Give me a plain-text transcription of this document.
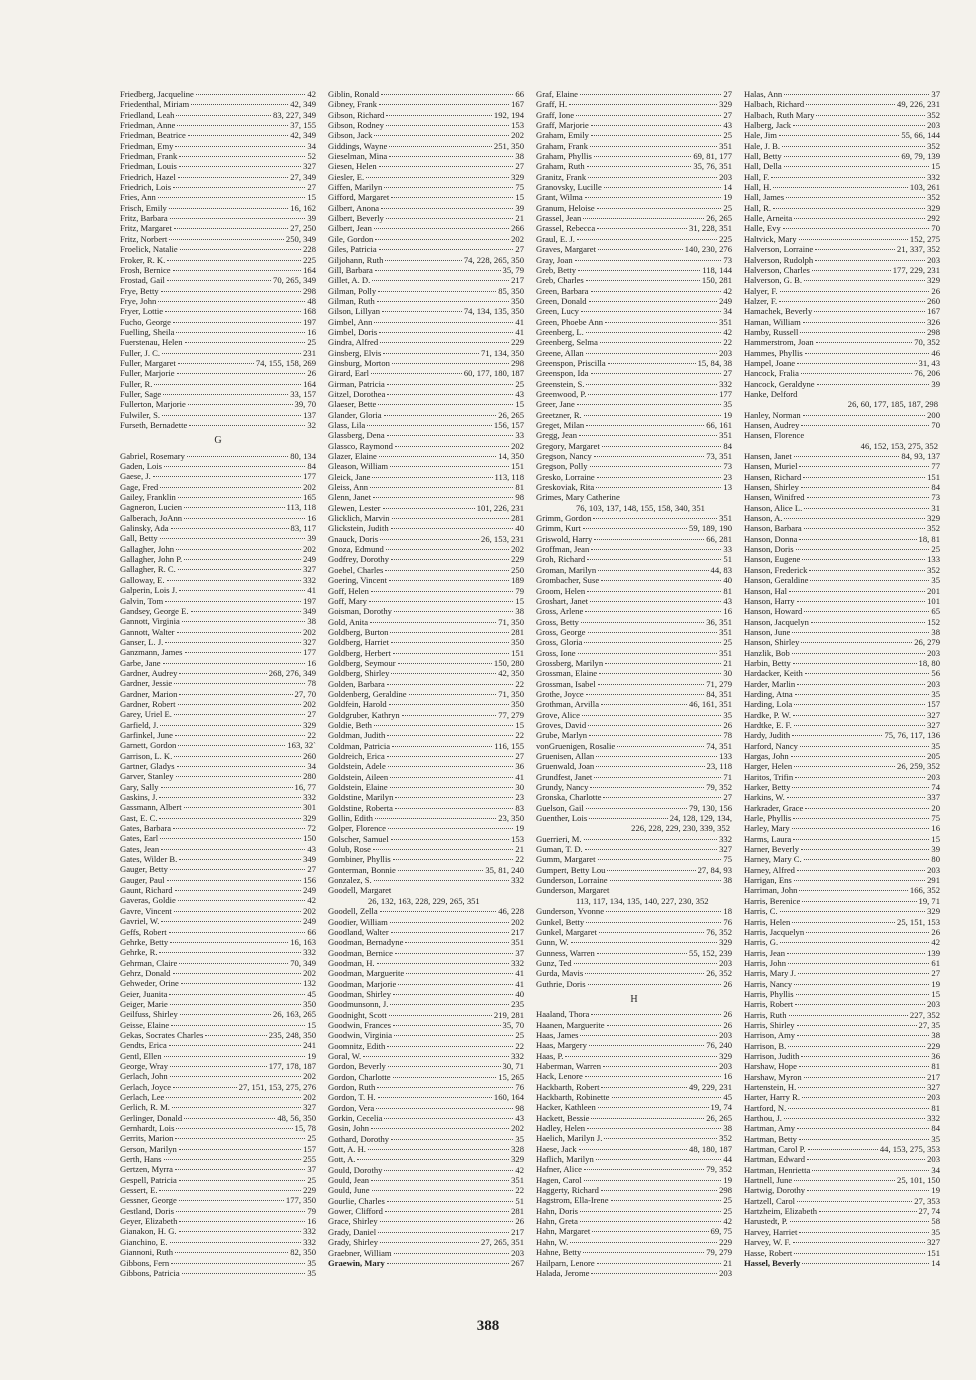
Friedberg, Jacqueline	42
Friedenthal, Miriam	42, 349
Friedland, Leah	83, 227, 349
Friedman, Anne	37, 155
Friedman, Beatrice	42, 349
Friedman, Emy	34
Friedman, Frank	52
Friedman, Louis	327
Friedrich, Hazel	27, 349
Friedrich, Lois	27
Fries, Ann	15
Frisch, Emily	16, 162
Fritz, Barbara	39
Fritz, Margaret	27, 250
Fritz, Norbert	250, 349
Froelick, Natalie	228
Froker, R. K.	225
Frosh, Bernice	164
Frostad, Gail	70, 265, 349
Frye, Betty	298
Frye, John	48
Fryer, Lottie	168
Fucho, George	197
Fuelling, Sheila	16
Fuerstenau, Helen	25
Fuller, J. C.	231
Fuller, Margaret	74, 155, 158, 269
Fuller, Marjorie	26
Fuller, R.	164
Fuller, Sage	33, 157
Fullerton, Marjorie	39, 70
Fulwiler, S.	137
Furseth, Bernadette	32
G
Gabriel, Rosemary	80, 134
Gaden, Lois	84
Gaese, J.	177
Gage, Fred	202
Gailey, Franklin	165
Gagneron, Lucien	113, 118
Galberach, JoAnn	16
Galinsky, Ada	83, 117
Gall, Betty	39
Gallagher, John	202
Gallagher, John P.	249
Gallagher, R. C.	327
Galloway, E.	332
Galperin, Lois J.	41
Galvin, Tom	197
Gandsey, George E.	349
Gannott, Virginia	38
Gannott, Walter	202
Ganser, L. J.	327
Ganzmann, James	177
Garbe, Jane	16
Gardner, Audrey	268, 276, 349
Gardner, Jessie	78
Gardner, Marion	27, 70
Gardner, Robert	202
Garey, Uriel E.	27
Garfield, J.	329
Garfinkel, June	22
Garnett, Gordon	163, 32`
Garrison, L. K.	260
Gartner, Gladys	34
Garver, Stanley	280
Gary, Sally	16, 77
Gaskins, J.	332
Gassmann, Albert	301
Gast, E. C.	329
Gates, Barbara	72
Gates, Earl	150
Gates, Jean	43
Gates, Wilder B.	349
Gauger, Betty	27
Gauger, Paul	156
Gaunt, Richard	249
Gaveras, Goldie	42
Gavre, Vincent	202
Gavriel, W.	249
Geffs, Robert	66
Gehrke, Betty	16, 163
Gehrke, R.	332
Gehrman, Claire	70, 349
Gehrz, Donald	202
Gehweder, Orine	132
Geier, Juanita	45
Geiger, Marie	350
Geilfuss, Shirley	26, 163, 265
Geisse, Elaine	15
Gekas, Socrates Charles	235, 248, 350
Gendts, Erica	241
Gentl, Ellen	19
George, Wray	177, 178, 187
Gerlach, John	202
Gerlach, Joyce	27, 151, 153, 275, 276
Gerlach, Lee	202
Gerlich, R. M.	327
Gerlinger, Donald	48, 56, 350
Gernhardt, Lois	15, 78
Gerrits, Marion	25
Gerson, Marilyn	157
Gerth, Hans	255
Gertzen, Myrra	37
Gespell, Patricia	25
Gessert, E.	229
Gessner, George	177, 350
Gestland, Doris	79
Geyer, Elizabeth	16
Gianakon, H. G.	332
Gianchino, E.	332
Giannoni, Ruth	82, 350
Gibbons, Fern	35
Gibbons, Patricia	35
Giblin, Ronald	66
Gibney, Frank	167
Gibson, Richard	192, 194
Gibson, Rodney	153
Gibson, Jack	202
Giddings, Wayne	251, 350
Gieselman, Mina	38
Giesen, Helen	27
Giesler, E.	329
Giffen, Marilyn	75
Gifford, Margaret	15
Gilbert, Anona	39
Gilbert, Beverly	21
Gilbert, Jean	266
Gile, Gordon	202
Giles, Patricia	27
Giljohann, Ruth	74, 228, 265, 350
Gill, Barbara	35, 79
Gillet, A. D.	217
Gilman, Polly	85, 350
Gilman, Ruth	350
Gilson, Lillyan	74, 134, 135, 350
Gimbel, Ann	41
Gimbel, Doris	41
Gindra, Alfred	229
Ginsberg, Elvis	71, 134, 350
Ginsburg, Morton	298
Girard, Earl	60, 177, 180, 187
Girman, Patricia	25
Gitzel, Dorothea	43
Glaeser, Bette	15
Glander, Gloria	26, 265
Glass, Lila	156, 157
Glassberg, Dena	33
Glassco, Raymond	202
Glazer, Elaine	14, 350
Gleason, William	151
Gleick, Jane	113, 118
Gleiss, Ann	81
Glenn, Janet	98
Glewen, Lester	101, 226, 231
Glicklich, Marvin	281
Glickstein, Judith	40
Gnauck, Doris	26, 153, 231
Gnoza, Edmund	202
Godfrey, Dorothy	229
Goebel, Charles	250
Goering, Vincent	189
Goff, Helen	79
Goff, Mary	15
Goisman, Dorothy	38
Gold, Anita	71, 350
Goldberg, Burton	281
Goldberg, Harriet	350
Goldberg, Herbert	151
Goldberg, Seymour	150, 280
Goldberg, Shirley	42, 350
Golden, Barbara	22
Goldenberg, Geraldine	71, 350
Goldfein, Harold	350
Goldgruber, Kathryn	77, 279
Goldie, Beth	15
Goldman, Judith	22
Coldman, Patricia	116, 155
Goldreich, Erica	27
Goldstein, Adele	36
Goldstein, Aileen	41
Goldstein, Elaine	30
Goldstine, Marilyn	23
Goldstine, Roberta	83
Gollin, Edith	23, 350
Golper, Florence	19
Golscher, Samuel	153
Golub, Rose	21
Gombiner, Phyllis	22
Gonterman, Bonnie	35, 81, 240
Gonzalez, S.	332
Goodell, Margaret
26, 132, 163, 228, 229, 265, 351
Goodell, Zella	46, 228
Goodier, William	202
Goodland, Walter	217
Goodman, Bernadyne	351
Goodman, Bernice	37
Goodman, H.	332
Goodman, Marguerite	41
Goodman, Marjorie	41
Goodman, Shirley	40
Goodmunsonn, J.	235
Goodnight, Scott	219, 281
Goodwin, Frances	35, 70
Goodwin, Virginia	25
Goomnitz, Edith	22
Goral, W.	332
Gordon, Beverly	30, 71
Gordon, Charlotte	15, 265
Gordon, Ruth	76
Gordon, T. H.	160, 164
Gordon, Vera	98
Gorkin, Cecelia	43
Gosin, John	202
Gothard, Dorothy	35
Gott, A. H.	328
Gott, A.	329
Gould, Dorothy	42
Gould, Jean	351
Gould, June	22
Gourlie, Charles	51
Gower, Clifford	281
Grace, Shirley	26
Grady, Daniel	217
Grady, Shirley	27, 265, 351
Graebner, William	203
Graewin, Mary	267
Graf, Elaine	27
Graff, H.	329
Graff, Ione	27
Graff, Marjorie	43
Graham, Emily	25
Graham, Frank	351
Graham, Phyllis	69, 81, 177
Graham, Ruth	35, 76, 351
Granitz, Frank	203
Granovsky, Lucille	14
Grant, Wilma	19
Granum, Heloise	25
Grassel, Jean	26, 265
Grassel, Rebecca	31, 228, 351
Graul, E. J.	225
Graves, Margaret	140, 230, 276
Gray, Joan	73
Greb, Betty	118, 144
Greb, Charles	150, 281
Green, Barbara	42
Green, Donald	249
Green, Lucy	34
Green, Phoebe Ann	351
Greenberg, L.	42
Greenberg, Selma	22
Greene, Allan	203
Greenspon, Priscilla	15, 84, 38
Greenspon, Ida	27
Greenstein, S.	332
Greenwood, P.	177
Greer, Jane	35
Greetzner, R.	19
Greget, Milan	66, 161
Gregg, Jean	351
Gregory, Margaret	84
Gregson, Nancy	73, 351
Gregson, Polly	73
Gresko, Lorraine	23
Greskoviak, Rita	13
Grimes, Mary Catherine
76, 103, 137, 148, 155, 158, 340, 351
Grimm, Gordon	351
Grimm, Kurt	59, 189, 190
Griswold, Harry	66, 281
Groffman, Jean	33
Groh, Richard	51
Groman, Marilyn	44, 83
Grombacher, Suse	40
Groom, Helen	81
Groshart, Janet	43
Gross, Arlene	16
Gross, Betty	36, 351
Gross, George	351
Gross, Gloria	25
Gross, Ione	351
Grossberg, Marilyn	21
Grossman, Elaine	30
Grossman, Isabel	71, 279
Grothe, Joyce	84, 351
Grothman, Arvilla	46, 161, 351
Grove, Alice	35
Groves, David	26
Grube, Marlyn	78
vonGruenigen, Rosalie	74, 351
Gruenisen, Allan	133
Gruenwald, Joan	23, 118
Grundfest, Janet	71
Grundy, Nancy	79, 352
Gronska, Charlotte	27
Guelson, Gail	79, 130, 156
Guenther, Lois	24, 128, 129, 134,
226, 228, 229, 230, 339, 352
Guerrieri, M.	332
Guman, T. D.	327
Gumm, Margaret	75
Gumpert, Betty Lou	27, 84, 93
Gunderson, Lorraine	38
Gunderson, Margaret
113, 117, 134, 135, 140, 227, 230, 352
Gunderson, Yvonne	18
Gunkel, Betty	76
Gunkel, Margaret	76, 352
Gunn, W.	329
Gunness, Warren	55, 152, 239
Gunz, Ted	203
Gurda, Mavis	26, 352
Guthrie, Doris	26
H
Haaland, Thora	26
Haanen, Marguerite	26
Haas, James	203
Haas, Margery	76, 240
Haas, P.	329
Haberman, Warren	203
Hack, Lenore	16
Hackbarth, Robert	49, 229, 231
Hackbarth, Robinette	45
Hacker, Kathleen	19, 74
Hackett, Bessie	26, 265
Hadley, Helen	38
Haelich, Marilyn J.	352
Haese, Jack	48, 180, 187
Haflich, Marilyn	44
Hafner, Alice	79, 352
Hagen, Carol	19
Haggerty, Richard	298
Hagstrom, Ella-Irene	25
Hahn, Doris	25
Hahn, Greta	42
Hahn, Margaret	69, 75
Hahn, W.	229
Hahne, Betty	79, 279
Hailparn, Lenore	21
Halada, Jerome	203
Halas, Ann	37
Halbach, Richard	49, 226, 231
Halbach, Ruth Mary	352
Halberg, Jack	203
Hale, Jim	55, 66, 144
Hale, J. B.	352
Hall, Betty	69, 79, 139
Hall, Della	15
Hall, F.	332
Hall, H.	103, 261
Hall, James	352
Hall, R.	329
Halle, Arneita	292
Halle, Evy	70
Haltvick, Mary	152, 275
Halverson, Lorraine	21, 337, 352
Halverson, Rudolph	203
Halverson, Charles	177, 229, 231
Halverson, G. B.	329
Halyer, F.	26
Halzer, F.	260
Hamachek, Beverly	167
Haman, William	326
Hamby, Russell	298
Hammerstrom, Joan	70, 352
Hammes, Phyllis	46
Hampel, Joane	31, 43
Hancock, Fralia	76, 206
Hancock, Geraldyne	39
Hanke, Delford
26, 60, 177, 185, 187, 298
Hanley, Norman	200
Hansen, Audrey	70
Hansen, Florence
46, 152, 153, 275, 352
Hansen, Janet	84, 93, 137
Hansen, Muriel	77
Hansen, Richard	151
Hansen, Shirley	84
Hansen, Winifred	73
Hanson, Alice L.	31
Hanson, A.	329
Hanson, Barbara	352
Hanson, Donna	18, 81
Hanson, Doris	25
Hanson, Eugene	133
Hanson, Frederick	352
Hanson, Geraldine	35
Hanson, Hal	201
Hanson, Harry	101
Hanson, Howard	65
Hanson, Jacquelyn	152
Hanson, June	38
Hanson, Shirley	26, 279
Hanzlik, Bob	203
Harbin, Betty	18, 80
Hardacker, Keith	56
Harder, Marlin	203
Harding, Atna	35
Harding, Lola	157
Hardke, P. W.	327
Hardtke, E. F.	327
Hardy, Judith	75, 76, 117, 136
Harford, Nancy	35
Hargas, John	205
Harger, Helen	26, 259, 352
Haritos, Trifin	203
Harker, Betty	74
Harkins, W.	337
Harkrader, Grace	20
Harle, Phyllis	75
Harley, Mary	16
Harms, Laura	15
Harner, Beverly	39
Harney, Mary C.	80
Harney, Alfred	203
Harrigan, Ens	291
Harriman, John	166, 352
Harris, Berenice	19, 71
Harris, C.	329
Harris, Helen	25, 151, 153
Harris, Jacquelyn	26
Harris, G.	42
Harris, Jean	139
Harris, John	61
Harris, Mary J.	27
Harris, Nancy	19
Harris, Phyllis	15
Harris, Robert	203
Harris, Ruth	227, 352
Harris, Shirley	27, 35
Harrison, Amy	38
Harrison, B.	229
Harrison, Judith	36
Harshaw, Hope	81
Harshaw, Myron	217
Hartenstein, H.	327
Harter, Harry R.	203
Hartford, N.	81
Harthou, J.	332
Hartman, Amy	84
Hartman, Betty	35
Hartman, Carol P.	44, 153, 275, 353
Hartman, Edward	203
Hartman, Henrietta	34
Hartnell, June	25, 101, 150
Hartwig, Dorothy	19
Hartzell, Carol	27, 353
Hartzheim, Elizabeth	27, 74
Harustedt, P.	58
Harvey, Harriet	35
Harvey, W. F.	327
Hasse, Robert	151
Hassel, Beverly	14
388
